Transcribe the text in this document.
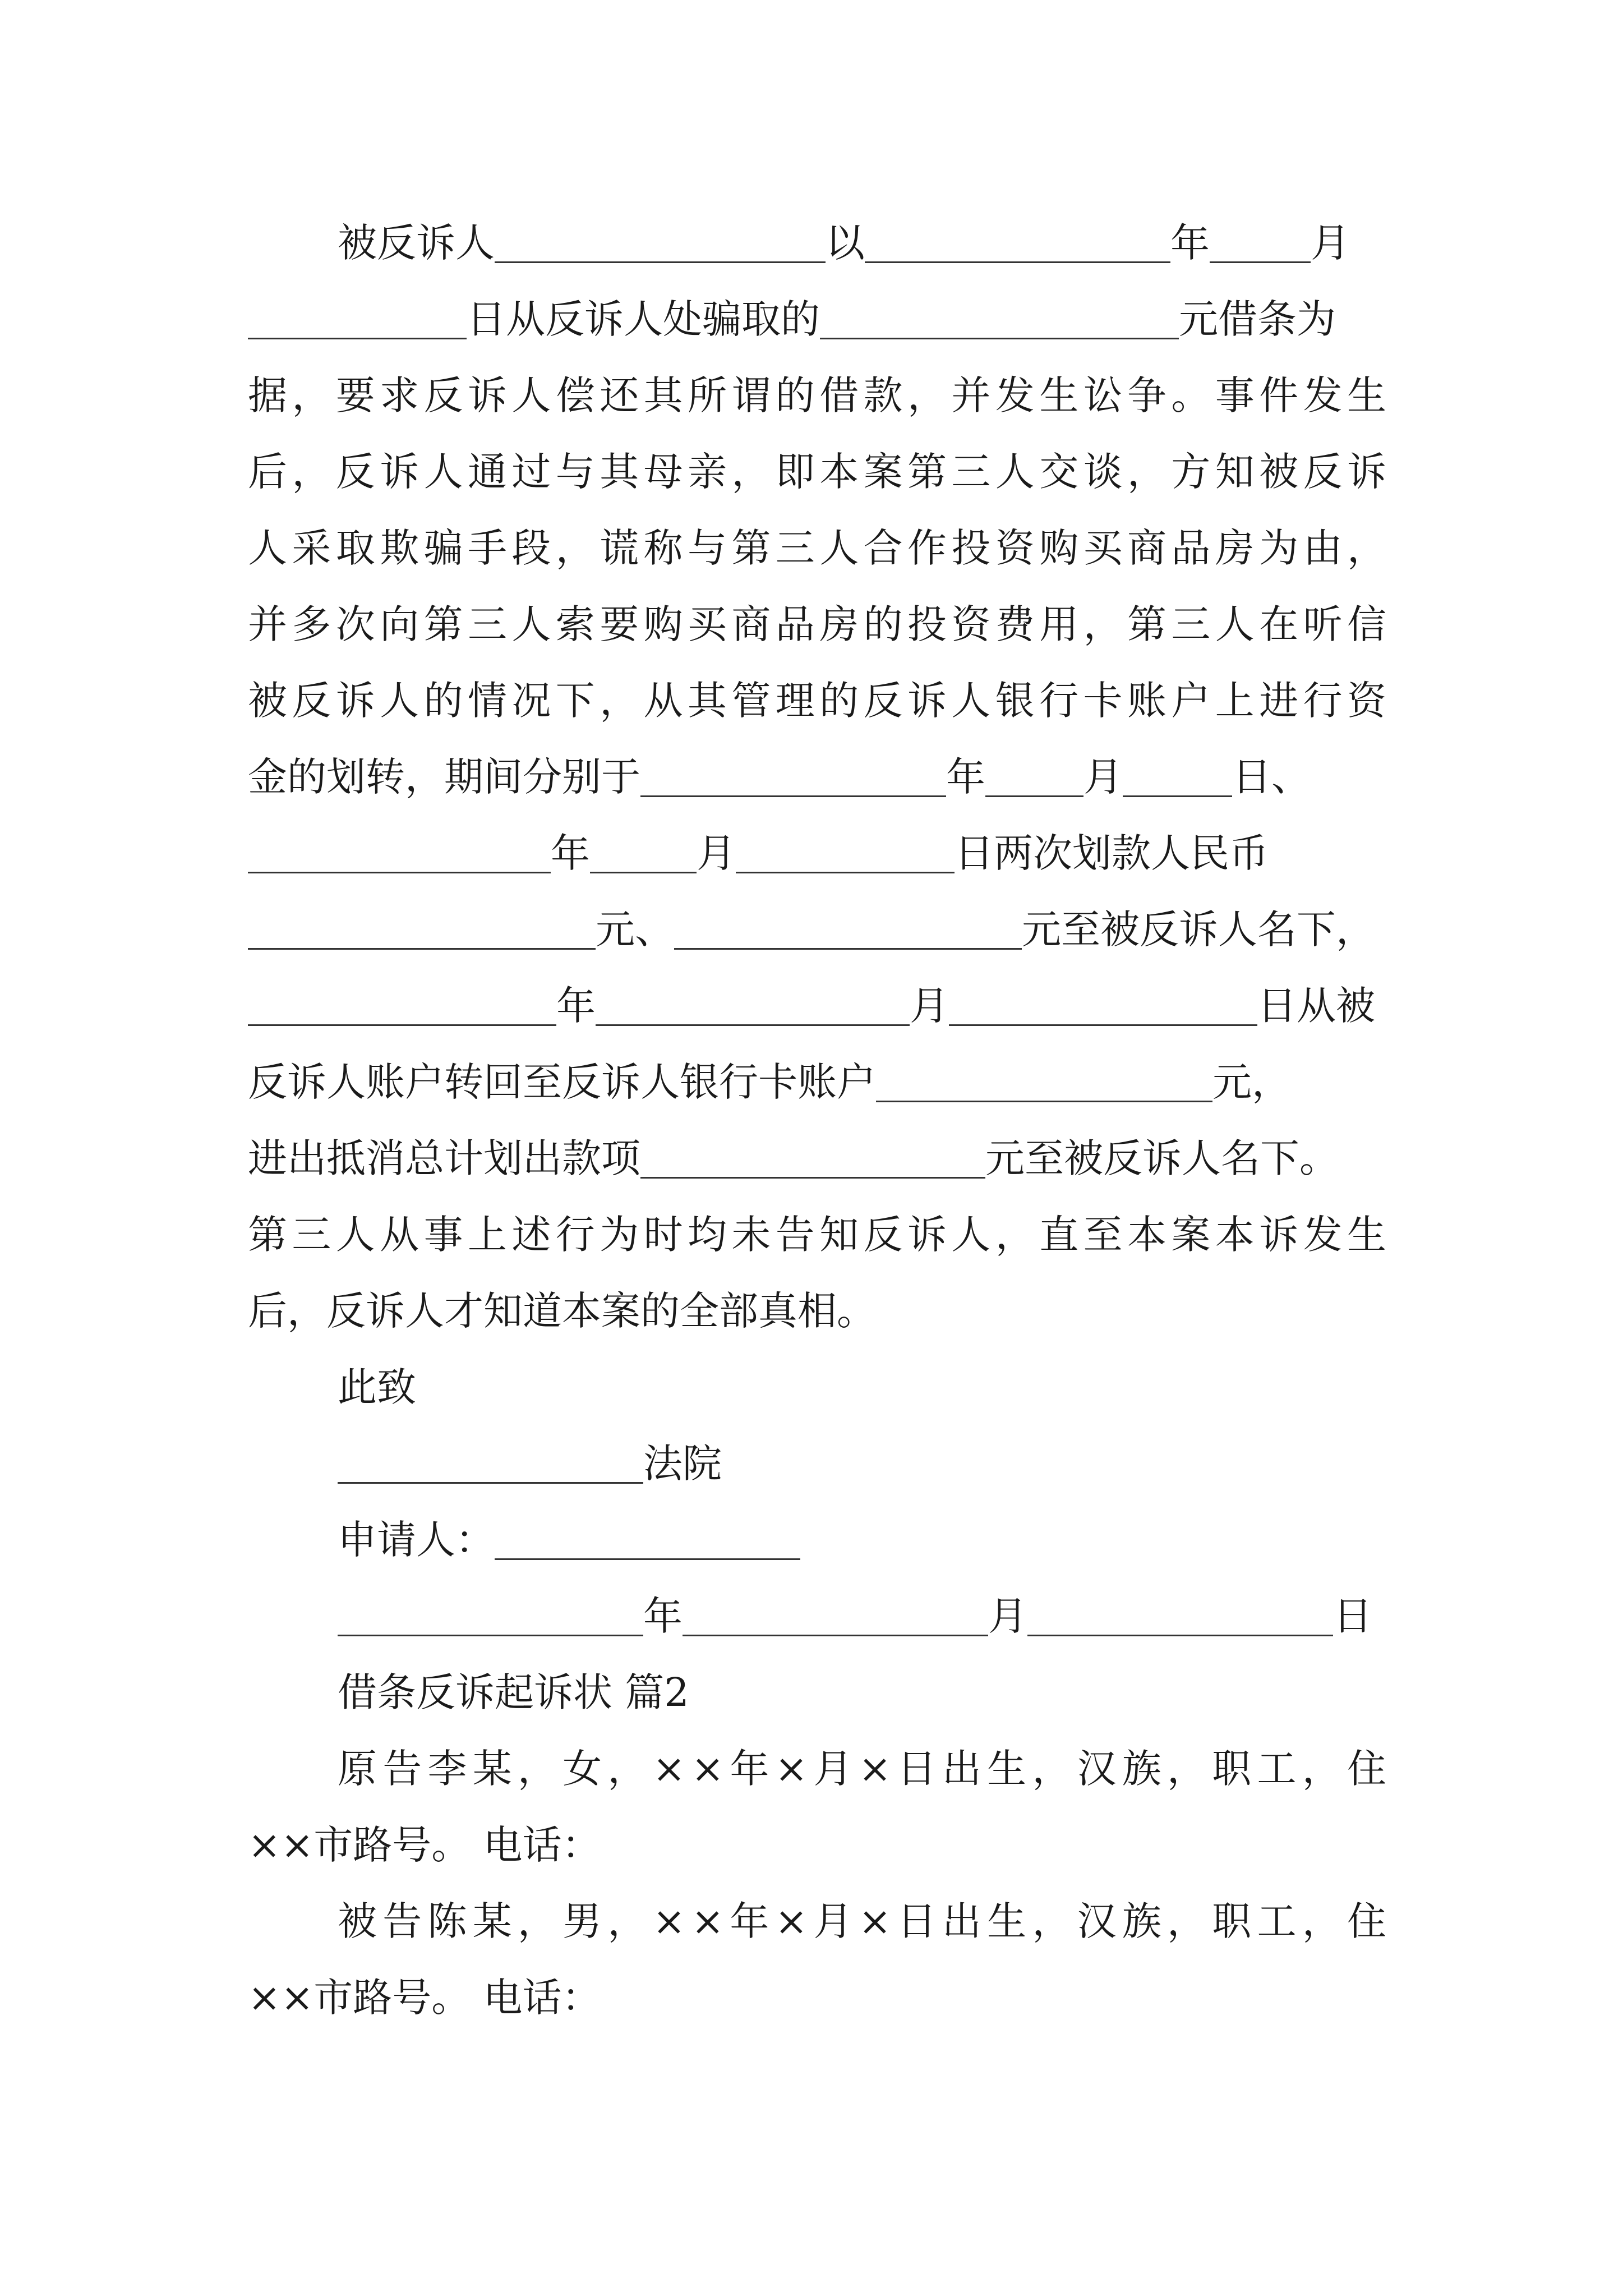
被反诉人	以	年	月
日从反诉人处骗取的	元借条为
据，要求反诉人偿还其所谓的借款，并发生讼争。事件发生
后，反诉人通过与其母亲，即本案第三人交谈，方知被反诉
人采取欺骗手段，谎称与第三人合作投资购买商品房为由，
并多次向第三人索要购买商品房的投资费用，第三人在听信
被反诉人的情况下，从其管理的反诉人银行卡账户上进行资
金的划转，期间分别于	年	月	日、
年	月	日两次划款人民币
元、	元至被反诉人名下，
年	月	日从被
反诉人账户转回至反诉人银行卡账户	元，
进出抵消总计划出款项	元至被反诉人名下。
第三人从事上述行为时均未告知反诉人，直至本案本诉发生
后，反诉人才知道本案的全部真相。
此致
法院
申请人：
年	月	日
借条反诉起诉状 篇2
原告李某，女，××年×月×日出生，汉族，职工，住
××市路号。 电话：
被告陈某，男，××年×月×日出生，汉族，职工，住
××市路号。 电话：
